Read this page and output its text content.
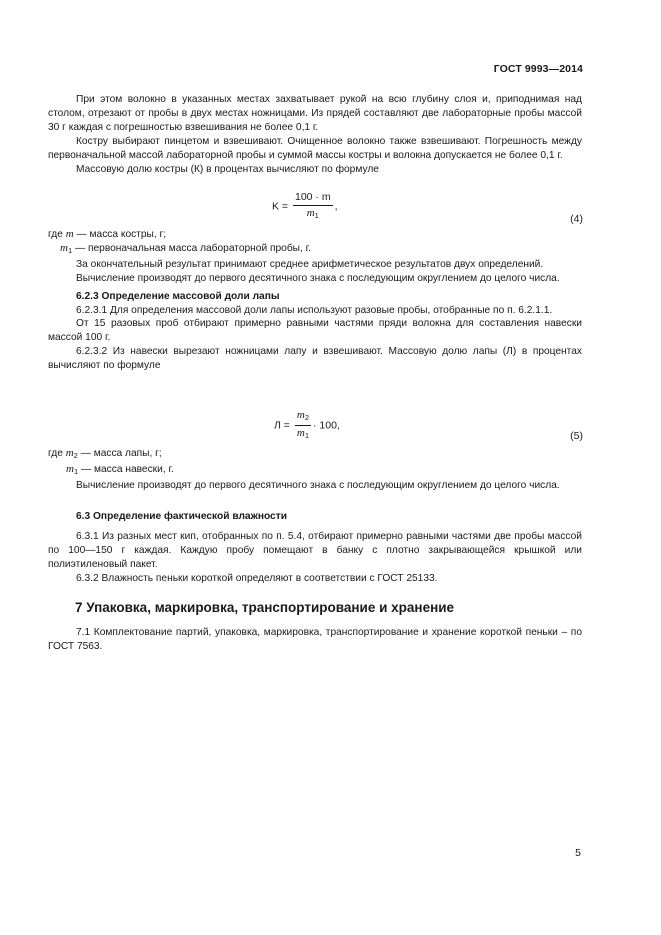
ГОСТ 9993—2014

При этом волокно в указанных местах захватывает рукой на всю глубину слоя и, приподнимая над столом, отрезают от пробы в двух местах ножницами. Из прядей составляют две лабораторные пробы массой 30 г каждая с погрешностью взвешивания не более 0,1 г.

Костру выбирают пинцетом и взвешивают. Очищенное волокно также взвешивают. Погрешность между первоначальной массой лабораторной пробы и суммой массы костры и волокна допускается не более 0,1 г.

Массовую долю костры (К) в процентах вычисляют по формуле

$K = \frac{100 \cdot m}{m_1}$ ,
(4)

где m — масса костры, г;

$m_1$ — первоначальная масса лабораторной пробы, г.

За окончательный результат принимают среднее арифметическое результатов двух определений.

Вычисление производят до первого десятичного знака с последующим округлением до целого числа.

6.2.3 Определение массовой доли лапы

6.2.3.1 Для определения массовой доли лапы используют разовые пробы, отобранные по п. 6.2.1.1.

От 15 разовых проб отбирают примерно равными частями пряди волокна для составления навески массой 100 г.

6.2.3.2 Из навески вырезают ножницами лапу и взвешивают. Массовую долю лапы (Л) в процентах вычисляют по формуле

$Л = \frac{m_2}{m_1} \cdot 100$,
(5)

где $m_2$ — масса лапы, г;

$m_1$ — масса навески, г.

Вычисление производят до первого десятичного знака с последующим округлением до целого числа.

6.3 Определение фактической влажности

6.3.1 Из разных мест кип, отобранных по п. 5.4, отбирают примерно равными частями две пробы массой по 100—150 г каждая. Каждую пробу помещают в банку с плотно закрывающейся крышкой или полиэтиленовый пакет.

6.3.2 Влажность пеньки короткой определяют в соответствии с ГОСТ 25133.

7 Упаковка, маркировка, транспортирование и хранение

7.1 Комплектование партий, упаковка, маркировка, транспортирование и хранение короткой пеньки – по ГОСТ 7563.

5
